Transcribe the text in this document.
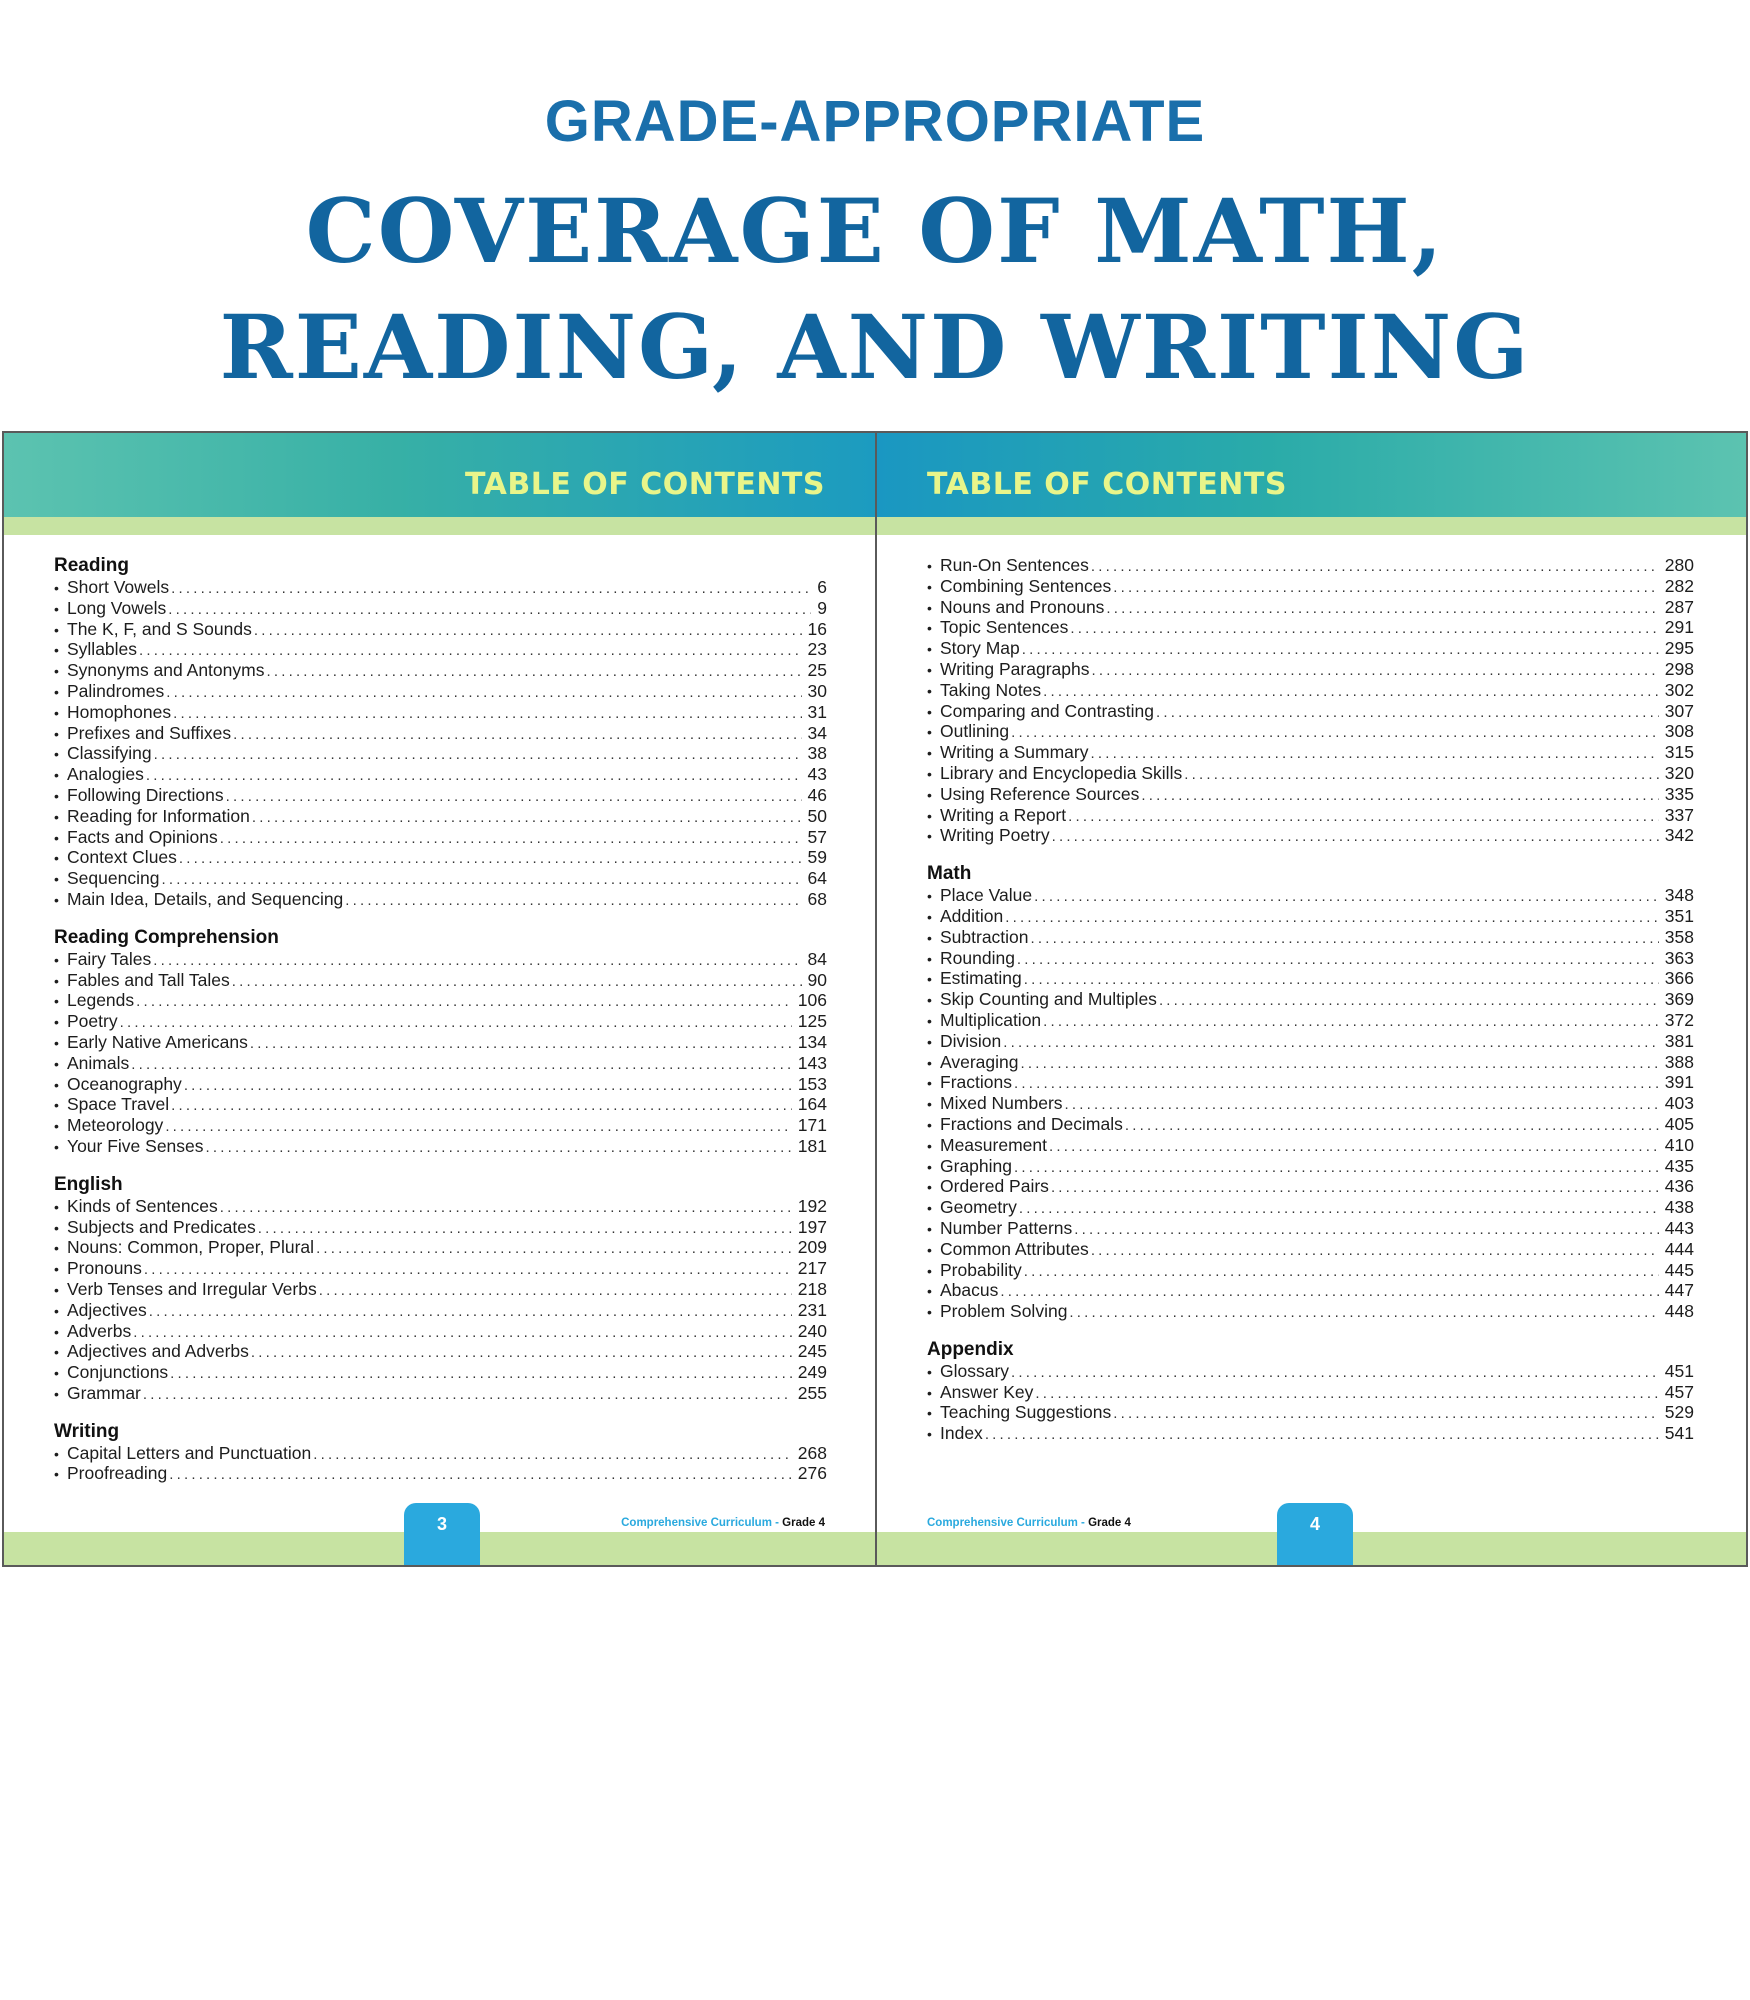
GRADE-APPROPRIATE
COVERAGE OF MATH,
READING, AND WRITING
TABLE OF CONTENTS
Reading
• Short Vowels .....	6
• Long Vowels .....	9
• The K, F, and S Sounds .....	16
• Syllables .....	23
• Synonyms and Antonyms .....	25
• Palindromes .....	30
• Homophones .....	31
• Prefixes and Suffixes .....	34
• Classifying .....	38
• Analogies .....	43
• Following Directions .....	46
• Reading for Information .....	50
• Facts and Opinions .....	57
• Context Clues .....	59
• Sequencing .....	64
• Main Idea, Details, and Sequencing .....	68
Reading Comprehension
• Fairy Tales .....	84
• Fables and Tall Tales .....	90
• Legends .....	106
• Poetry .....	125
• Early Native Americans .....	134
• Animals .....	143
• Oceanography .....	153
• Space Travel .....	164
• Meteorology .....	171
• Your Five Senses .....	181
English
• Kinds of Sentences .....	192
• Subjects and Predicates .....	197
• Nouns: Common, Proper, Plural .....	209
• Pronouns .....	217
• Verb Tenses and Irregular Verbs .....	218
• Adjectives .....	231
• Adverbs .....	240
• Adjectives and Adverbs .....	245
• Conjunctions .....	249
• Grammar .....	255
Writing
• Capital Letters and Punctuation .....	268
• Proofreading .....	276
3	Comprehensive Curriculum - Grade 4
TABLE OF CONTENTS
• Run-On Sentences .....	280
• Combining Sentences .....	282
• Nouns and Pronouns .....	287
• Topic Sentences .....	291
• Story Map .....	295
• Writing Paragraphs .....	298
• Taking Notes .....	302
• Comparing and Contrasting .....	307
• Outlining .....	308
• Writing a Summary .....	315
• Library and Encyclopedia Skills .....	320
• Using Reference Sources .....	335
• Writing a Report .....	337
• Writing Poetry .....	342
Math
• Place Value .....	348
• Addition .....	351
• Subtraction .....	358
• Rounding .....	363
• Estimating .....	366
• Skip Counting and Multiples .....	369
• Multiplication .....	372
• Division .....	381
• Averaging .....	388
• Fractions .....	391
• Mixed Numbers .....	403
• Fractions and Decimals .....	405
• Measurement .....	410
• Graphing .....	435
• Ordered Pairs .....	436
• Geometry .....	438
• Number Patterns .....	443
• Common Attributes .....	444
• Probability .....	445
• Abacus .....	447
• Problem Solving .....	448
Appendix
• Glossary .....	451
• Answer Key .....	457
• Teaching Suggestions .....	529
• Index .....	541
4
Comprehensive Curriculum - Grade 4
